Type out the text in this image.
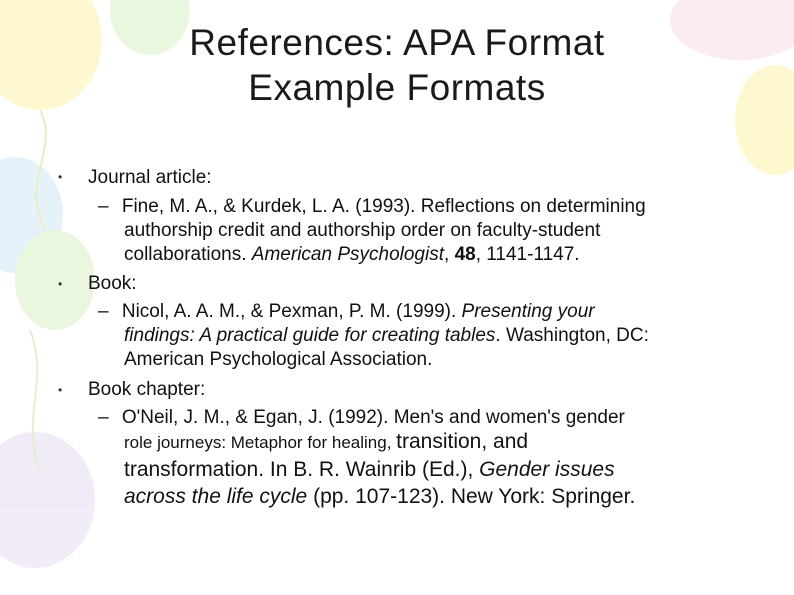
References: APA Format
Example Formats
• Journal article:
– Fine, M. A., & Kurdek, L. A. (1993). Reflections on determining
authorship credit and authorship order on faculty-student
collaborations. American Psychologist, 48, 1141-1147.
• Book:
– Nicol, A. A. M., & Pexman, P. M. (1999). Presenting your
findings: A practical guide for creating tables. Washington, DC:
American Psychological Association.
• Book chapter:
– O'Neil, J. M., & Egan, J. (1992). Men's and women's gender
role journeys: Metaphor for healing, transition, and
transformation. In B. R. Wainrib (Ed.), Gender issues
across the life cycle (pp. 107-123). New York: Springer.
